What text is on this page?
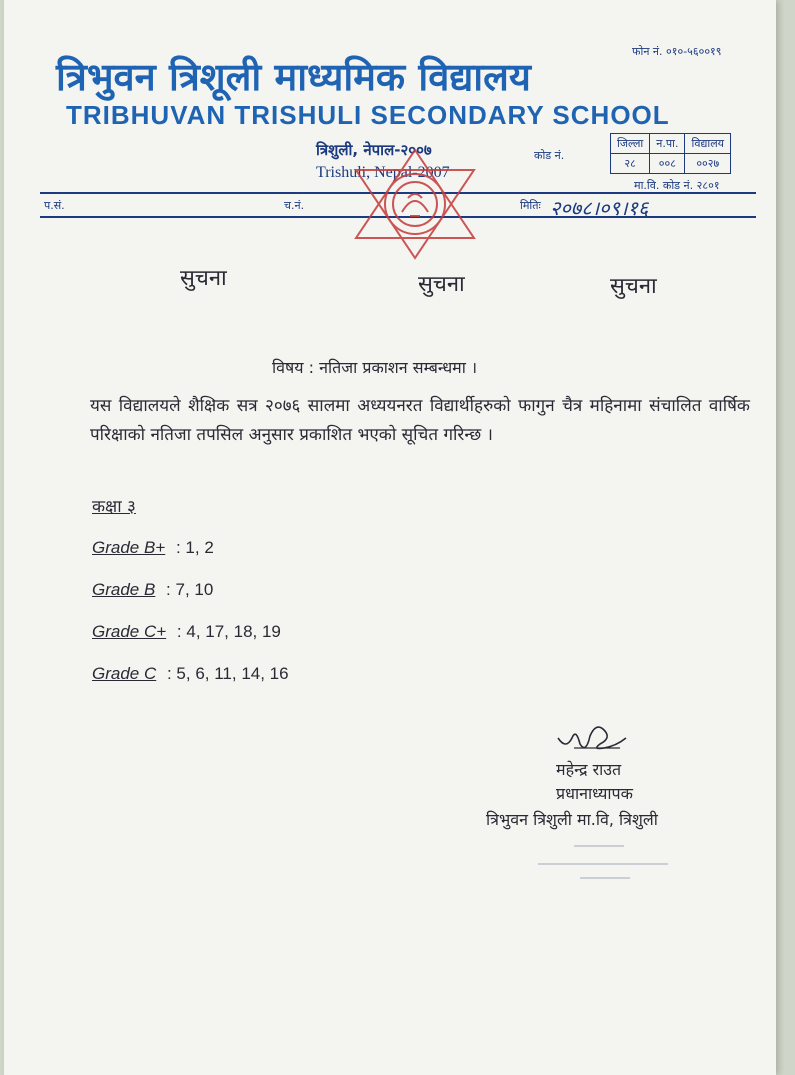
फोन नं. ०१०-५६००१९

त्रिभुवन त्रिशूली माध्यमिक विद्यालय

TRIBHUVAN TRISHULI SECONDARY SCHOOL

त्रिशुली, नेपाल-२००७

Trishuli, Nepal-2007

कोड नं.

जिल्ला	न.पा.	विद्यालय
२८	००८	००२७

मा.वि. कोड नं. २८०१

प.सं.	च.नं.	मितिः २०७८।०९।१६

सुचना	सुचना	सुचना

विषय : नतिजा प्रकाशन सम्बन्धमा ।

यस विद्यालयले शैक्षिक सत्र २०७६ सालमा अध्ययनरत विद्यार्थीहरुको फागुन चैत्र महिनामा संचालित वार्षिक परिक्षाको नतिजा तपसिल अनुसार प्रकाशित भएको सूचित गरिन्छ ।

कक्षा ३

Grade B+ : 1, 2
Grade B : 7, 10
Grade C+ : 4, 17, 18, 19
Grade C : 5, 6, 11, 14, 16

महेन्द्र राउत

प्रधानाध्यापक

त्रिभुवन त्रिशुली मा.वि, त्रिशुली
